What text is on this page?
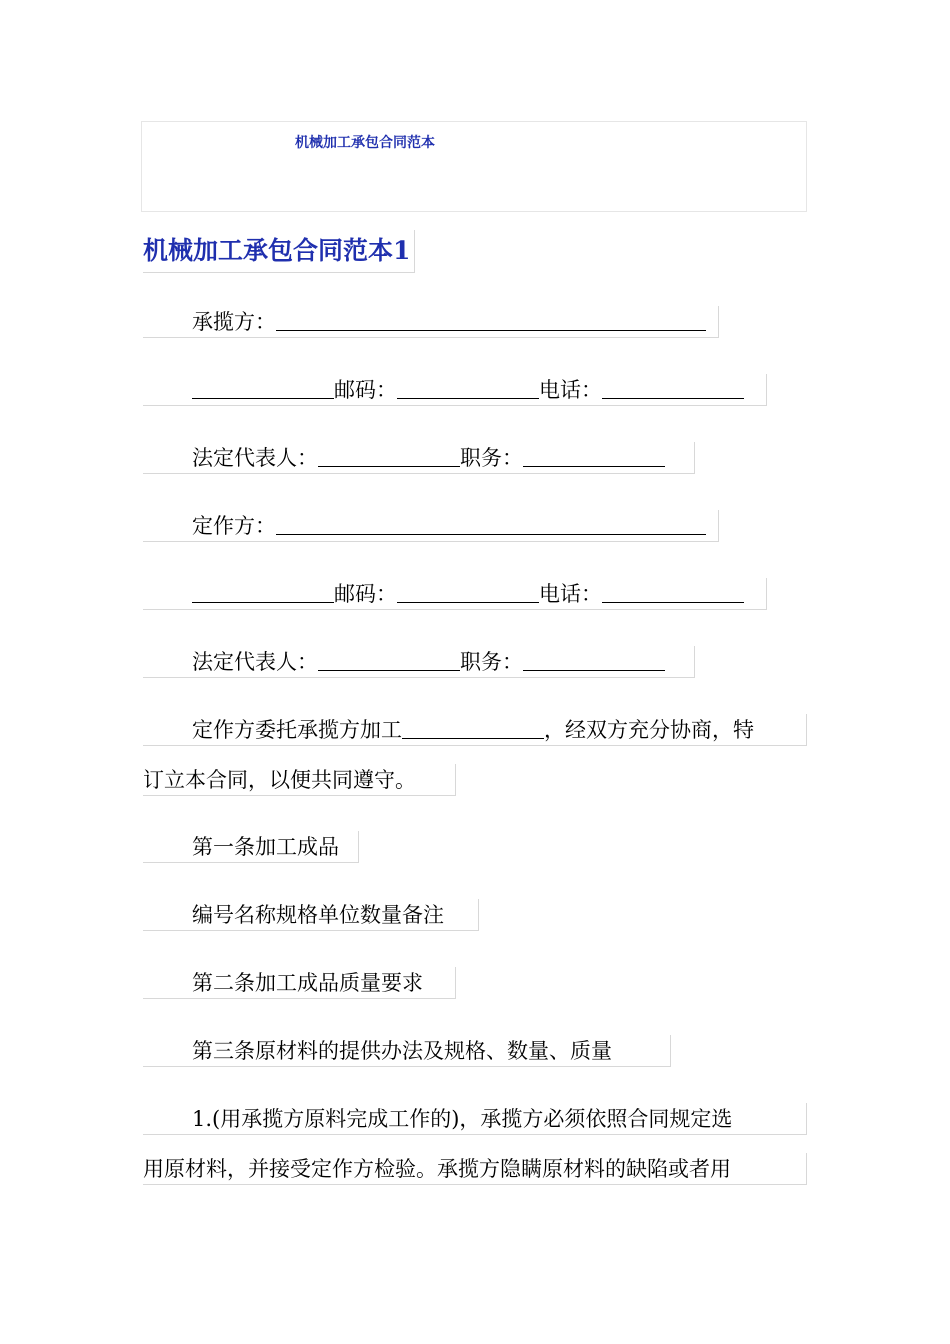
机械加工承包合同范本
机械加工承包合同范本1
承揽方：
邮码：	电话：
法定代表人：	职务：
定作方：
邮码：	电话：
法定代表人：	职务：
定作方委托承揽方加工	，经双方充分协商，特
订立本合同，以便共同遵守。
第一条加工成品
编号名称规格单位数量备注
第二条加工成品质量要求
第三条原材料的提供办法及规格、数量、质量
1.(用承揽方原料完成工作的)，承揽方必须依照合同规定选
用原材料，并接受定作方检验。承揽方隐瞒原材料的缺陷或者用
